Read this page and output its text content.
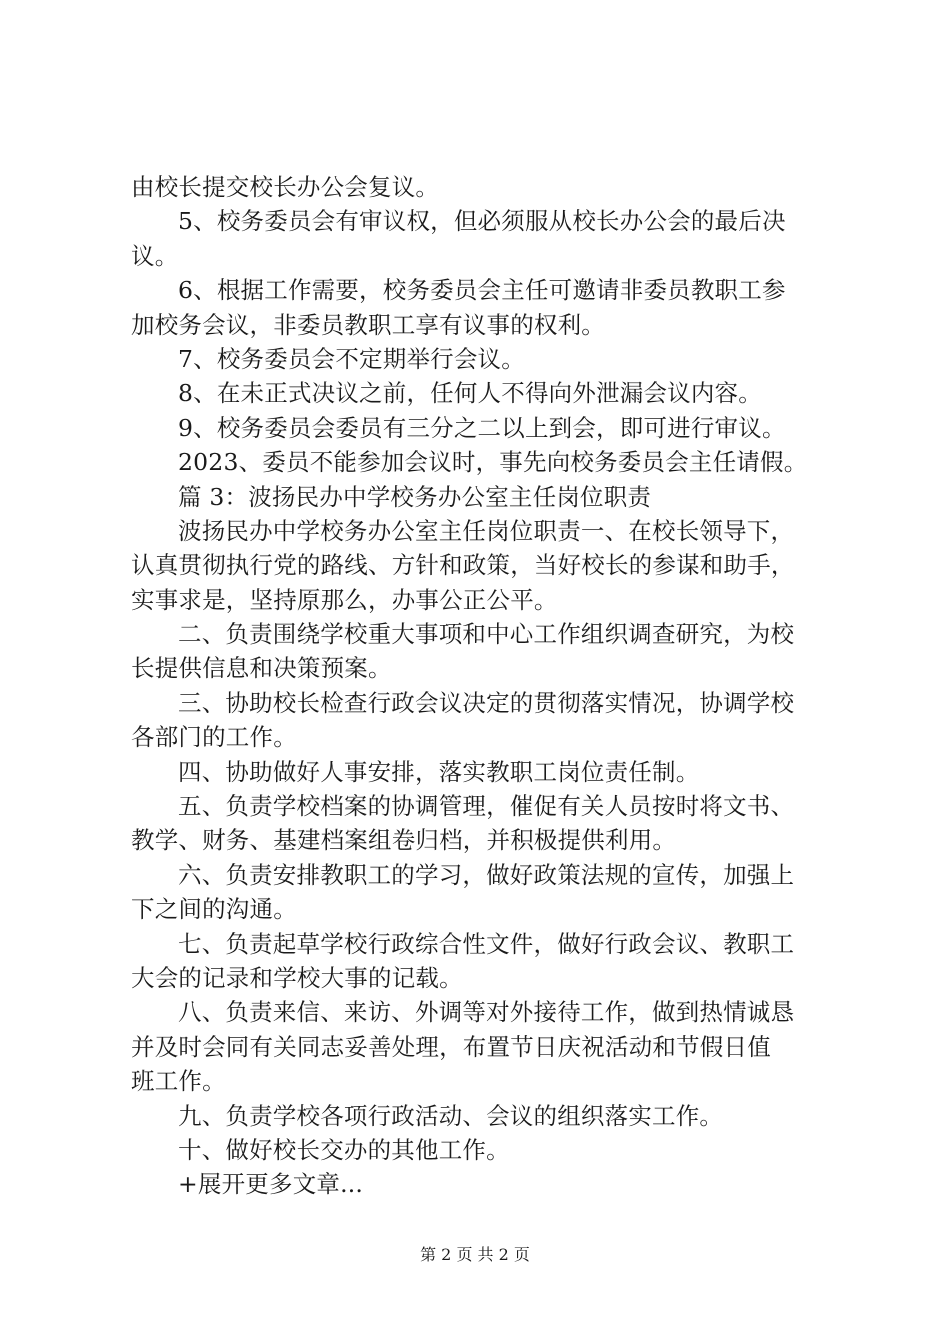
由校长提交校长办公会复议。
5、校务委员会有审议权，但必须服从校长办公会的最后决
议。
6、根据工作需要，校务委员会主任可邀请非委员教职工参
加校务会议，非委员教职工享有议事的权利。
7、校务委员会不定期举行会议。
8、在未正式决议之前，任何人不得向外泄漏会议内容。
9、校务委员会委员有三分之二以上到会，即可进行审议。
2023、委员不能参加会议时，事先向校务委员会主任请假。
篇 3：波扬民办中学校务办公室主任岗位职责
波扬民办中学校务办公室主任岗位职责一、在校长领导下，
认真贯彻执行党的路线、方针和政策，当好校长的参谋和助手，
实事求是，坚持原那么，办事公正公平。
二、负责围绕学校重大事项和中心工作组织调查研究，为校
长提供信息和决策预案。
三、协助校长检查行政会议决定的贯彻落实情况，协调学校
各部门的工作。
四、协助做好人事安排，落实教职工岗位责任制。
五、负责学校档案的协调管理，催促有关人员按时将文书、
教学、财务、基建档案组卷归档，并积极提供利用。
六、负责安排教职工的学习，做好政策法规的宣传，加强上
下之间的沟通。
七、负责起草学校行政综合性文件，做好行政会议、教职工
大会的记录和学校大事的记载。
八、负责来信、来访、外调等对外接待工作，做到热情诚恳
并及时会同有关同志妥善处理，布置节日庆祝活动和节假日值
班工作。
九、负责学校各项行政活动、会议的组织落实工作。
十、做好校长交办的其他工作。
+展开更多文章...
第 2 页 共 2 页
